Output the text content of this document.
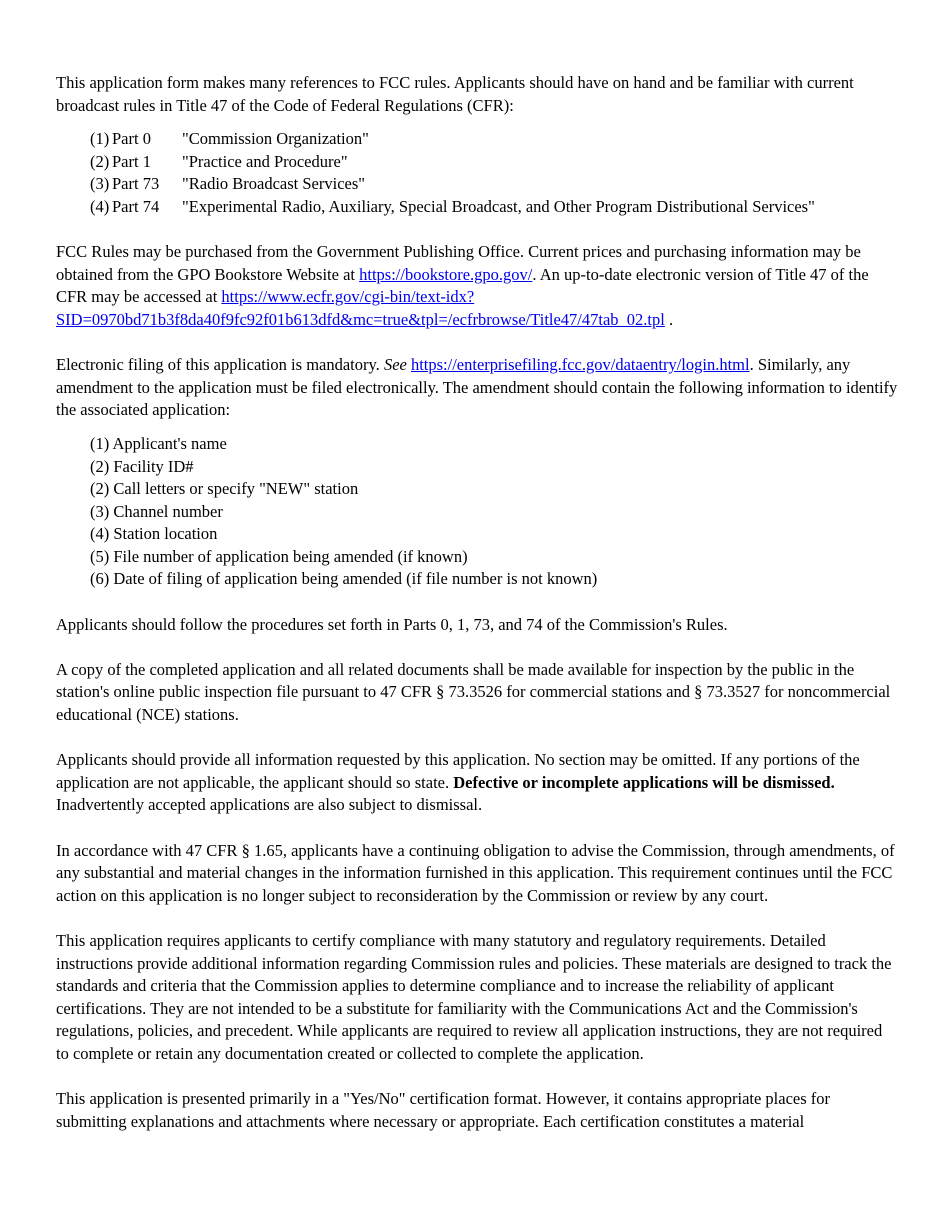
This application form makes many references to FCC rules. Applicants should have on hand and be familiar with current broadcast rules in Title 47 of the Code of Federal Regulations (CFR):

(1) Part 0	"Commission Organization"
(2) Part 1	"Practice and Procedure"
(3) Part 73	"Radio Broadcast Services"
(4) Part 74	"Experimental Radio, Auxiliary, Special Broadcast, and Other Program Distributional Services"

FCC Rules may be purchased from the Government Publishing Office. Current prices and purchasing information may be obtained from the GPO Bookstore Website at https://bookstore.gpo.gov/. An up-to-date electronic version of Title 47 of the CFR may be accessed at https://www.ecfr.gov/cgi-bin/text-idx?SID=0970bd71b3f8da40f9fc92f01b613dfd&mc=true&tpl=/ecfrbrowse/Title47/47tab_02.tpl .

Electronic filing of this application is mandatory. See https://enterprisefiling.fcc.gov/dataentry/login.html. Similarly, any amendment to the application must be filed electronically. The amendment should contain the following information to identify the associated application:

(1) Applicant's name
(2) Facility ID#
(2) Call letters or specify "NEW" station
(3) Channel number
(4) Station location
(5) File number of application being amended (if known)
(6) Date of filing of application being amended (if file number is not known)

Applicants should follow the procedures set forth in Parts 0, 1, 73, and 74 of the Commission's Rules.

A copy of the completed application and all related documents shall be made available for inspection by the public in the station's online public inspection file pursuant to 47 CFR § 73.3526 for commercial stations and § 73.3527 for noncommercial educational (NCE) stations.

Applicants should provide all information requested by this application. No section may be omitted. If any portions of the application are not applicable, the applicant should so state. Defective or incomplete applications will be dismissed. Inadvertently accepted applications are also subject to dismissal.

In accordance with 47 CFR § 1.65, applicants have a continuing obligation to advise the Commission, through amendments, of any substantial and material changes in the information furnished in this application. This requirement continues until the FCC action on this application is no longer subject to reconsideration by the Commission or review by any court.

This application requires applicants to certify compliance with many statutory and regulatory requirements. Detailed instructions provide additional information regarding Commission rules and policies. These materials are designed to track the standards and criteria that the Commission applies to determine compliance and to increase the reliability of applicant certifications. They are not intended to be a substitute for familiarity with the Communications Act and the Commission's regulations, policies, and precedent. While applicants are required to review all application instructions, they are not required to complete or retain any documentation created or collected to complete the application.

This application is presented primarily in a "Yes/No" certification format. However, it contains appropriate places for submitting explanations and attachments where necessary or appropriate. Each certification constitutes a material
